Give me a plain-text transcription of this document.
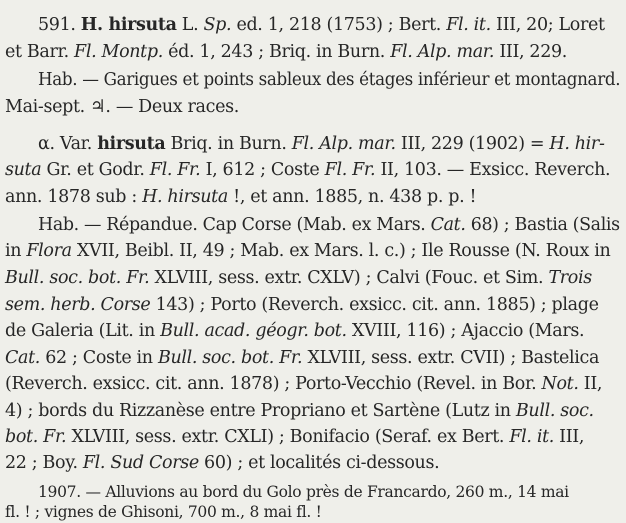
591. H. hirsuta L. Sp. ed. 1, 218 (1753) ; Bert. Fl. it. III, 20; Loret
et Barr. Fl. Montp. éd. 1, 243 ; Briq. in Burn. Fl. Alp. mar. III, 229.
Hab. — Garigues et points sableux des étages inférieur et montagnard.
Mai-sept. ♃. — Deux races.
α. Var. hirsuta Briq. in Burn. Fl. Alp. mar. III, 229 (1902) = H. hir-
suta Gr. et Godr. Fl. Fr. I, 612 ; Coste Fl. Fr. II, 103. — Exsicc. Reverch.
ann. 1878 sub : H. hirsuta !, et ann. 1885, n. 438 p. p. !
Hab. — Répandue. Cap Corse (Mab. ex Mars. Cat. 68) ; Bastia (Salis
in Flora XVII, Beibl. II, 49 ; Mab. ex Mars. l. c.) ; Ile Rousse (N. Roux in
Bull. soc. bot. Fr. XLVIII, sess. extr. CXLV) ; Calvi (Fouc. et Sim. Trois
sem. herb. Corse 143) ; Porto (Reverch. exsicc. cit. ann. 1885) ; plage
de Galeria (Lit. in Bull. acad. géogr. bot. XVIII, 116) ; Ajaccio (Mars.
Cat. 62 ; Coste in Bull. soc. bot. Fr. XLVIII, sess. extr. CVII) ; Bastelica
(Reverch. exsicc. cit. ann. 1878) ; Porto-Vecchio (Revel. in Bor. Not. II,
4) ; bords du Rizzanèse entre Propriano et Sartène (Lutz in Bull. soc.
bot. Fr. XLVIII, sess. extr. CXLI) ; Bonifacio (Seraf. ex Bert. Fl. it. III,
22 ; Boy. Fl. Sud Corse 60) ; et localités ci-dessous.
1907. — Alluvions au bord du Golo près de Francardo, 260 m., 14 mai
fl. ! ; vignes de Ghisoni, 700 m., 8 mai fl. !
